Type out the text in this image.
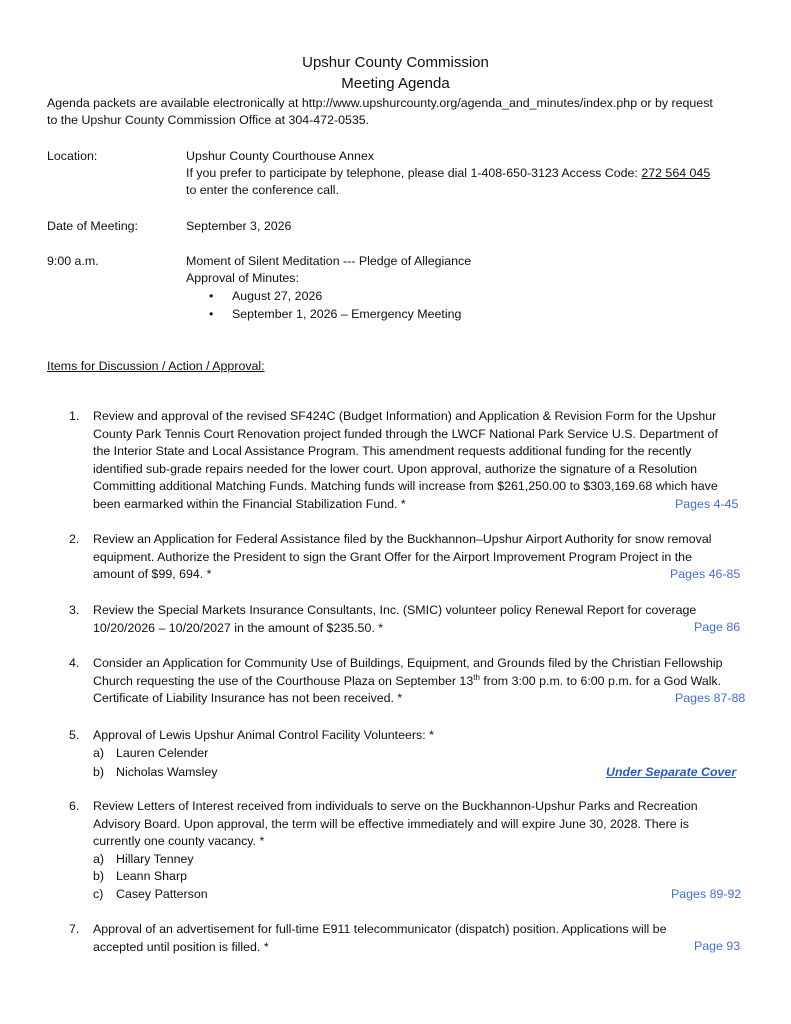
Upshur County Commission
Meeting Agenda
Agenda packets are available electronically at http://www.upshurcounty.org/agenda_and_minutes/index.php or by request
to the Upshur County Commission Office at 304-472-0535.
Location:	Upshur County Courthouse Annex
If you prefer to participate by telephone, please dial 1-408-650-3123 Access Code: 272 564 045
to enter the conference call.
Date of Meeting:	September 3, 2026
9:00 a.m.	Moment of Silent Meditation --- Pledge of Allegiance
Approval of Minutes:
• August 27, 2026
• September 1, 2026 – Emergency Meeting
Items for Discussion / Action / Approval:
1. Review and approval of the revised SF424C (Budget Information) and Application & Revision Form for the Upshur
County Park Tennis Court Renovation project funded through the LWCF National Park Service U.S. Department of
the Interior State and Local Assistance Program. This amendment requests additional funding for the recently
identified sub-grade repairs needed for the lower court. Upon approval, authorize the signature of a Resolution
Committing additional Matching Funds. Matching funds will increase from $261,250.00 to $303,169.68 which have
been earmarked within the Financial Stabilization Fund. *	Pages 4-45
2. Review an Application for Federal Assistance filed by the Buckhannon–Upshur Airport Authority for snow removal
equipment. Authorize the President to sign the Grant Offer for the Airport Improvement Program Project in the
amount of $99, 694. *	Pages 46-85
3. Review the Special Markets Insurance Consultants, Inc. (SMIC) volunteer policy Renewal Report for coverage
10/20/2026 – 10/20/2027 in the amount of $235.50. *	Page 86
4. Consider an Application for Community Use of Buildings, Equipment, and Grounds filed by the Christian Fellowship
Church requesting the use of the Courthouse Plaza on September 13th from 3:00 p.m. to 6:00 p.m. for a God Walk.
Certificate of Liability Insurance has not been received. *	Pages 87-88
5. Approval of Lewis Upshur Animal Control Facility Volunteers: *
a) Lauren Celender
b) Nicholas Wamsley	Under Separate Cover
6. Review Letters of Interest received from individuals to serve on the Buckhannon-Upshur Parks and Recreation
Advisory Board. Upon approval, the term will be effective immediately and will expire June 30, 2028. There is
currently one county vacancy. *
a) Hillary Tenney
b) Leann Sharp
c) Casey Patterson	Pages 89-92
7. Approval of an advertisement for full-time E911 telecommunicator (dispatch) position. Applications will be
accepted until position is filled. *	Page 93
